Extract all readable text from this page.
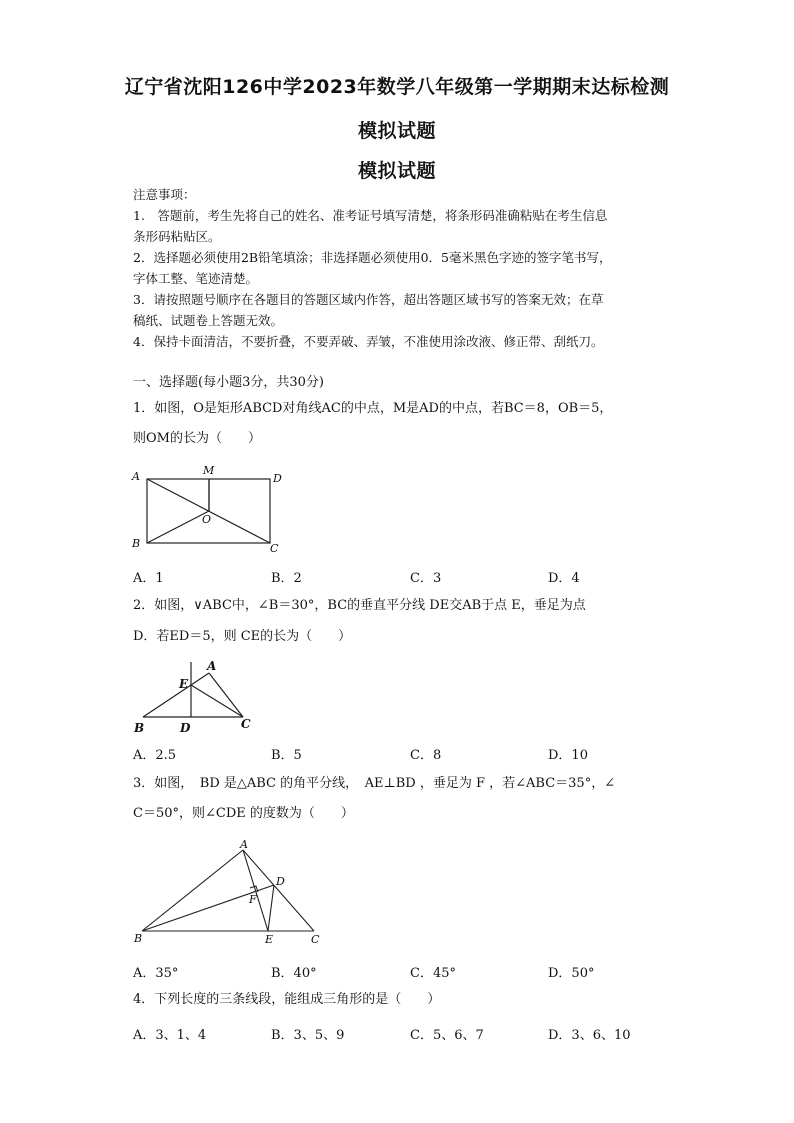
辽宁省沈阳126中学2023年数学八年级第一学期期末达标检测
模拟试题
模拟试题
注意事项：
1.　答题前，考生先将自己的姓名、准考证号填写清楚，将条形码准确粘贴在考生信息
条形码粘贴区。
2．选择题必须使用2B铅笔填涂；非选择题必须使用0．5毫米黑色字迹的签字笔书写，
字体工整、笔迹清楚。
3．请按照题号顺序在各题目的答题区域内作答，超出答题区域书写的答案无效；在草
稿纸、试题卷上答题无效。
4．保持卡面清洁，不要折叠，不要弄破、弄皱，不准使用涂改液、修正带、刮纸刀。
一、选择题(每小题3分，共30分)
1．如图，O是矩形ABCD对角线AC的中点，M是AD的中点，若BC＝8，OB＝5，
则OM的长为（　　）
A	M
D
O
B	C
A．1	B．2	C．3	D．4
2．如图，∨ABC中，∠B＝30°，BC的垂直平分线 DE交AB于点 E，垂足为点
D．若ED＝5，则 CE的长为（　　）
A
E
B	D	C
A．2.5	B．5	C．8	D．10
3．如图，　BD 是△ABC 的角平分线，　AE⊥BD ，垂足为 F ，若∠ABC＝35°，∠
C＝50°，则∠CDE 的度数为（　　）
A
D
F
B	E	C
A．35°	B．40°	C．45°	D．50°
4．下列长度的三条线段，能组成三角形的是（　　）
A．3、1、4	B．3、5、9	C．5、6、7	D．3、6、10
